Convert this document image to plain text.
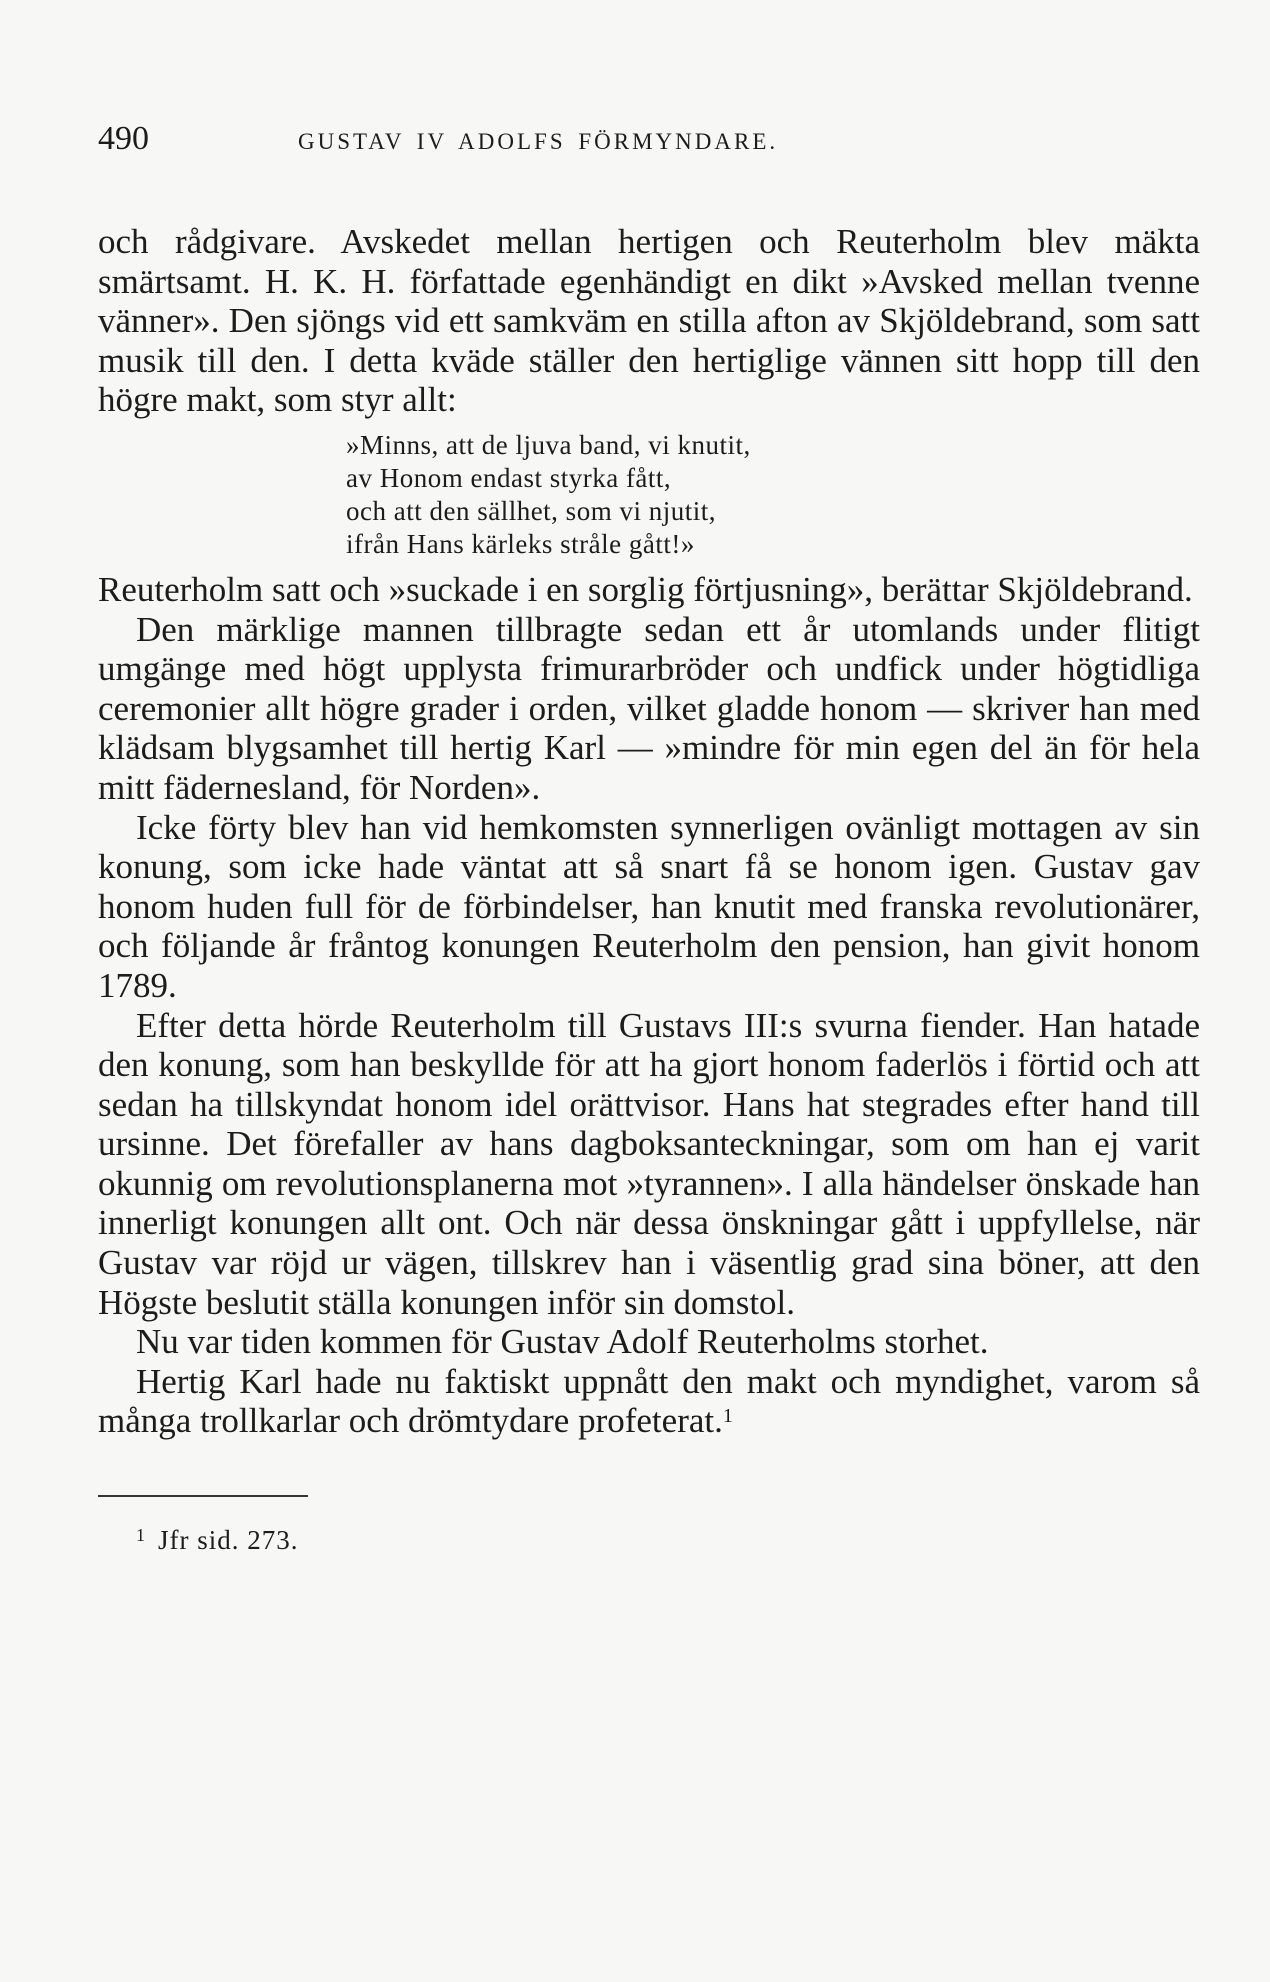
490	GUSTAV IV ADOLFS FÖRMYNDARE.

och rådgivare. Avskedet mellan hertigen och Reuterholm blev mäkta smärtsamt. H. K. H. författade egenhändigt en dikt »Avsked mellan tvenne vänner». Den sjöngs vid ett samkväm en stilla afton av Skjöldebrand, som satt musik till den. I detta kväde ställer den hertiglige vännen sitt hopp till den högre makt, som styr allt:

»Minns, att de ljuva band, vi knutit,
av Honom endast styrka fått,
och att den sällhet, som vi njutit,
ifrån Hans kärleks stråle gått!»

Reuterholm satt och »suckade i en sorglig förtjusning», berättar Skjöldebrand.

Den märklige mannen tillbragte sedan ett år utomlands under flitigt umgänge med högt upplysta frimurarbröder och undfick under högtidliga ceremonier allt högre grader i orden, vilket gladde honom — skriver han med klädsam blygsamhet till hertig Karl — »mindre för min egen del än för hela mitt fädernesland, för Norden».

Icke förty blev han vid hemkomsten synnerligen ovänligt mottagen av sin konung, som icke hade väntat att så snart få se honom igen. Gustav gav honom huden full för de förbindelser, han knutit med franska revolutionärer, och följande år fråntog konungen Reuterholm den pension, han givit honom 1789.

Efter detta hörde Reuterholm till Gustavs III:s svurna fiender. Han hatade den konung, som han beskyllde för att ha gjort honom faderlös i förtid och att sedan ha tillskyndat honom idel orättvisor. Hans hat stegrades efter hand till ursinne. Det förefaller av hans dagboksanteckningar, som om han ej varit okunnig om revolutionsplanerna mot »tyrannen». I alla händelser önskade han innerligt konungen allt ont. Och när dessa önskningar gått i uppfyllelse, när Gustav var röjd ur vägen, tillskrev han i väsentlig grad sina böner, att den Högste beslutit ställa konungen inför sin domstol.

Nu var tiden kommen för Gustav Adolf Reuterholms storhet.

Hertig Karl hade nu faktiskt uppnått den makt och myndighet, varom så många trollkarlar och drömtydare profeterat.$^1$

$^1$ Jfr sid. 273.
